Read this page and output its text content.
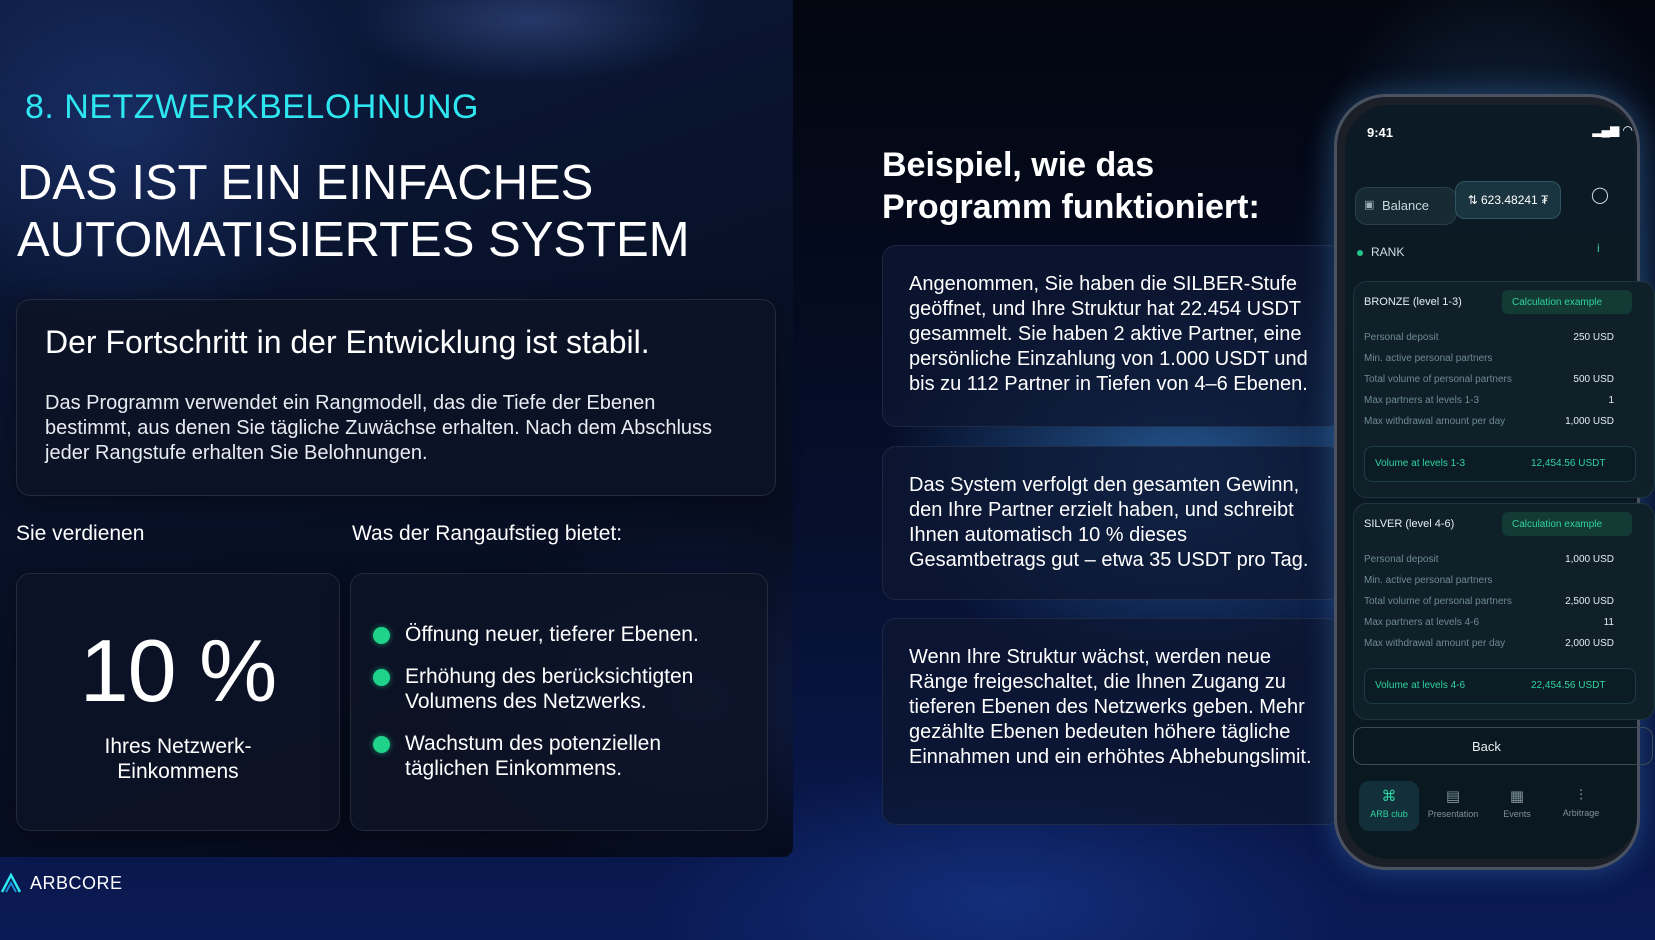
8. NETZWERKBELOHNUNG
DAS IST EIN EINFACHES
AUTOMATISIERTES SYSTEM
Der Fortschritt in der Entwicklung ist stabil.

Das Programm verwendet ein Rangmodell, das die Tiefe der Ebenen bestimmt, aus denen Sie tägliche Zuwächse erhalten. Nach dem Abschluss jeder Rangstufe erhalten Sie Belohnungen.

Sie verdienen	Was der Rangaufstieg bietet:

10 %
Ihres Netzwerk-
Einkommens
Öffnung neuer, tieferer Ebenen.
Erhöhung des berücksichtigten Volumens des Netzwerks.
Wachstum des potenziellen täglichen Einkommens.
ARBCORE
Beispiel, wie das
Programm funktioniert:

Angenommen, Sie haben die SILBER-Stufe geöffnet, und Ihre Struktur hat 22.454 USDT gesammelt. Sie haben 2 aktive Partner, eine persönliche Einzahlung von 1.000 USDT und bis zu 112 Partner in Tiefen von 4–6 Ebenen.

Das System verfolgt den gesamten Gewinn, den Ihre Partner erzielt haben, und schreibt Ihnen automatisch 10 % dieses Gesamtbetrags gut – etwa 35 USDT pro Tag.

Wenn Ihre Struktur wächst, werden neue Ränge freigeschaltet, die Ihnen Zugang zu tieferen Ebenen des Netzwerks geben. Mehr gezählte Ebenen bedeuten höhere tägliche Einnahmen und ein erhöhtes Abhebungslimit.

9:41	▂▄▆ ◠
▣ Balance	⇅ 623.48241 ₮	◯
RANK	i
BRONZE (level 1-3)	Calculation example
Personal deposit	250 USD
Min. active personal partners
Total volume of personal partners	500 USD
Max partners at levels 1-3	1
Max withdrawal amount per day	1,000 USD
Volume at levels 1-3	12,454.56 USDT
SILVER (level 4-6)	Calculation example
Personal deposit	1,000 USD
Min. active personal partners
Total volume of personal partners	2,500 USD
Max partners at levels 4-6	11
Max withdrawal amount per day	2,000 USD
Volume at levels 4-6	22,454.56 USDT
Back
⌘
ARB club
▤
Presentation
▦
Events
⫶
Arbitrage
